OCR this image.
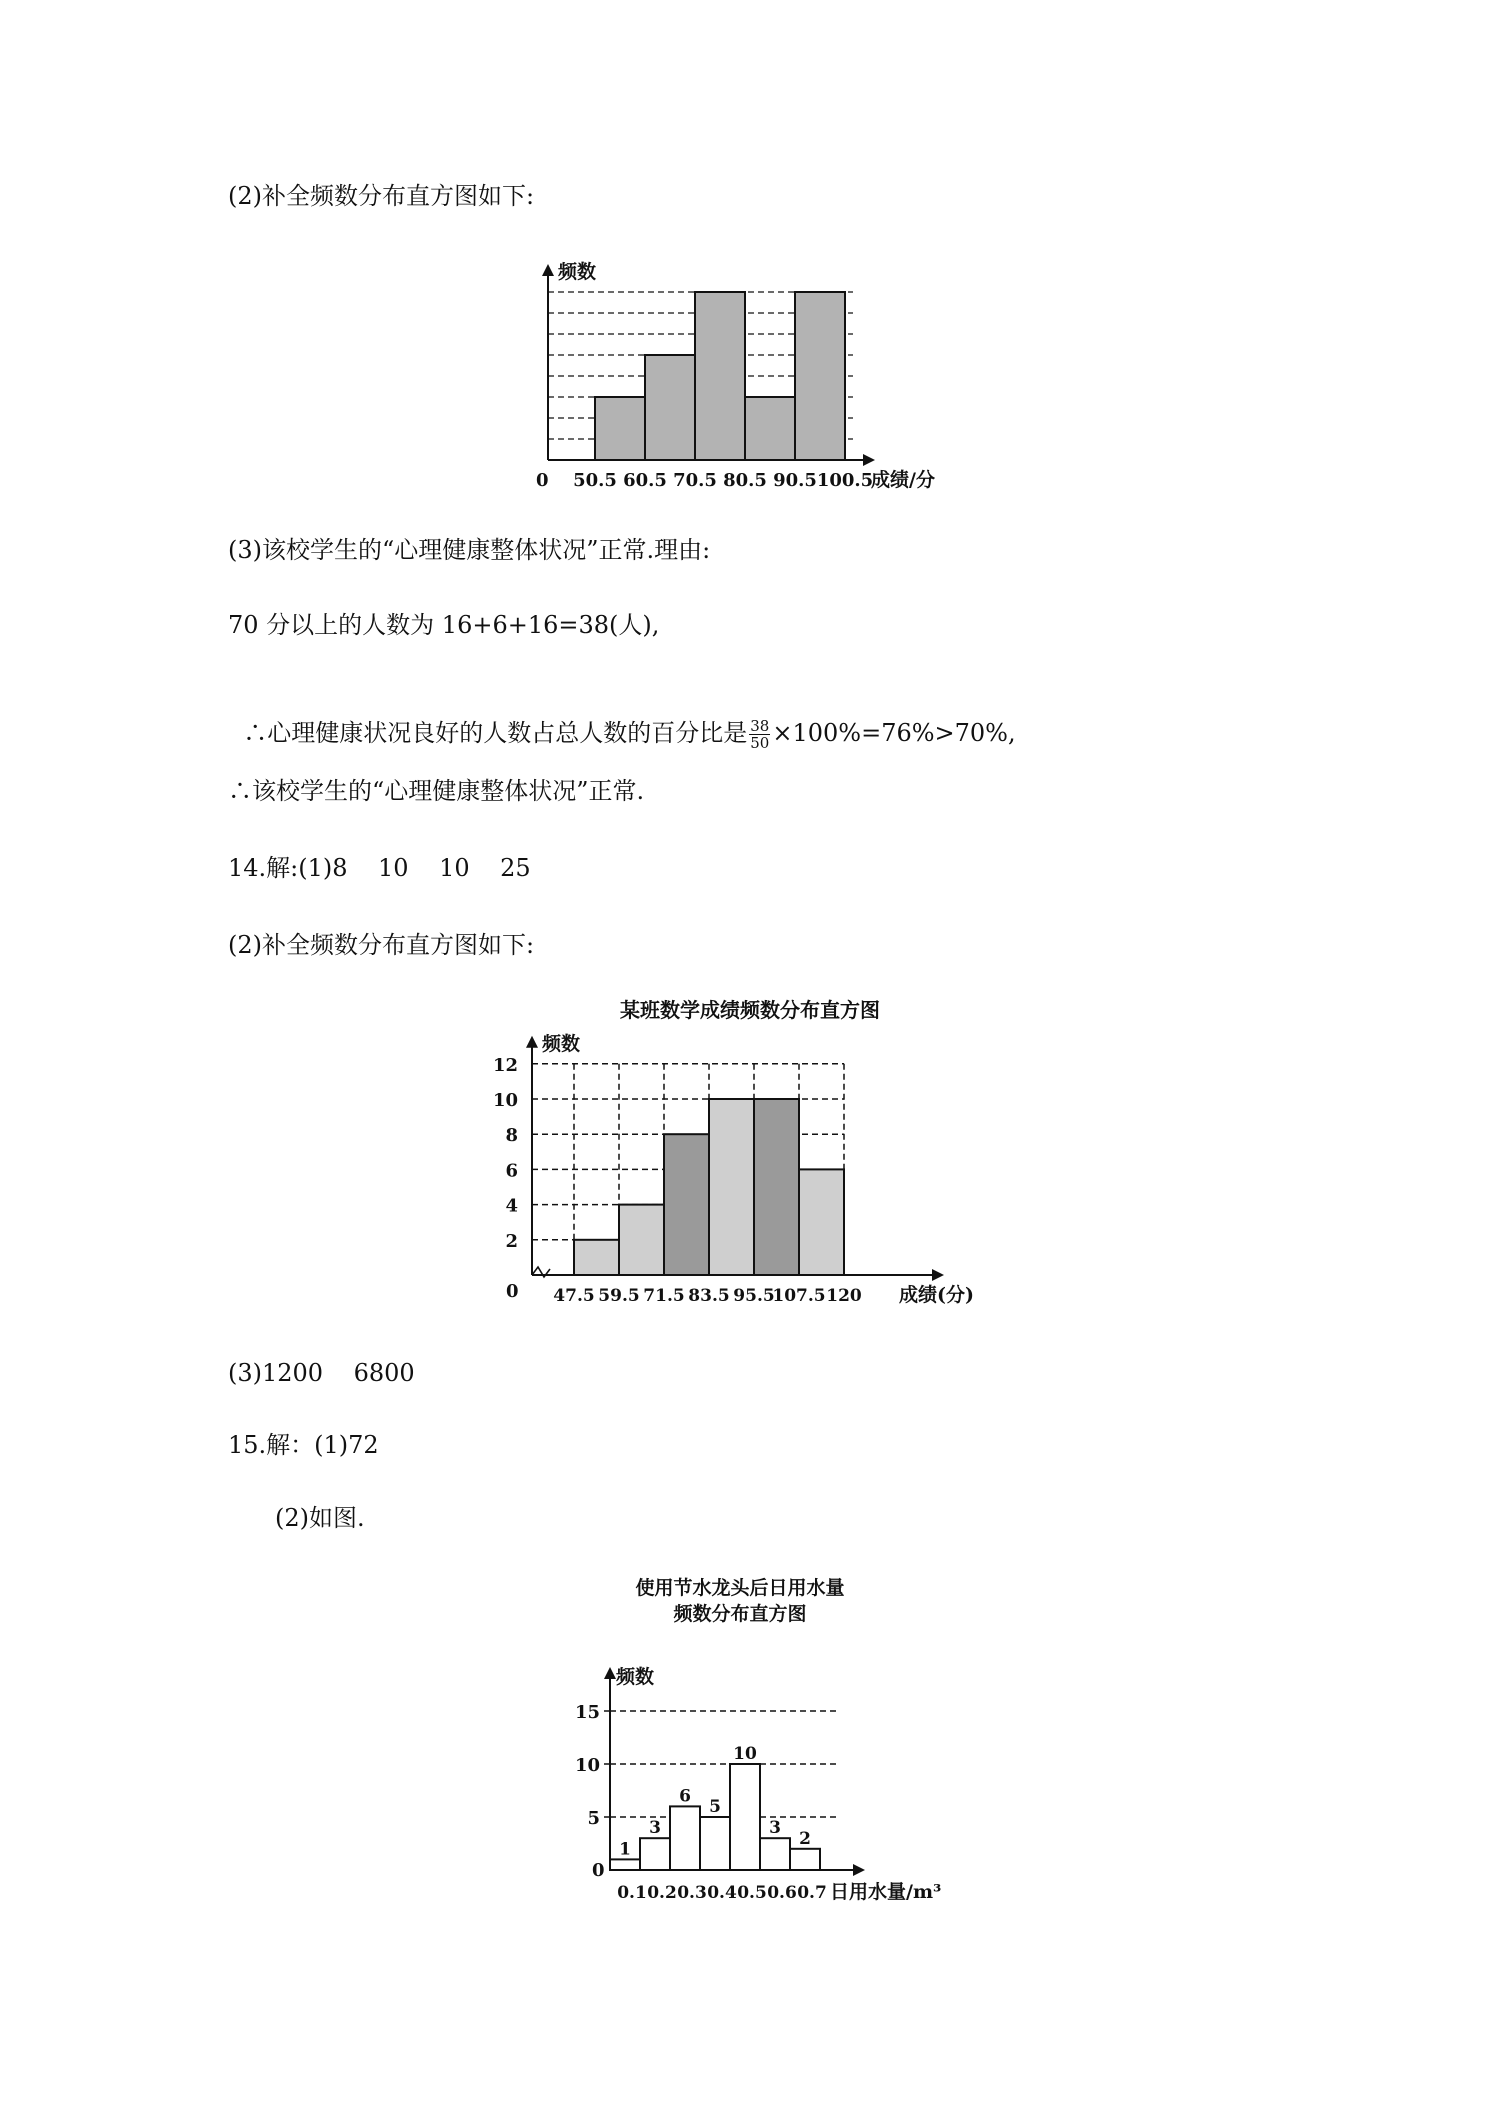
(2)补全频数分布直方图如下:
频数
0 50.5 60.5 70.5 80.5 90.5 100.5
成绩/分
(3)该校学生的“心理健康整体状况”正常.理由:
70 分以上的人数为 16+6+16=38(人),

∴心理健康状况良好的人数占总人数的百分比是 $\frac{38}{50} \times 100\%=76\%>70\%$,

∴该校学生的“心理健康整体状况”正常.
14.解:(1)8    10    10    25
(2)补全频数分布直方图如下:
某班数学成绩频数分布直方图
2
4
6
8
10
12
频数
0 47.5 59.5 71.5 83.5 95.5
107.5 120 成绩(分)
(3)1200    6800
15.解：(1)72
(2)如图.
使用节水龙头后日用水量
频数分布直方图
5
10
15
1
3
6
5
10
3
2
频数
0
0.1 0.2 0.3 0.4 0.5 0.6 0.7 日用水量/m³
